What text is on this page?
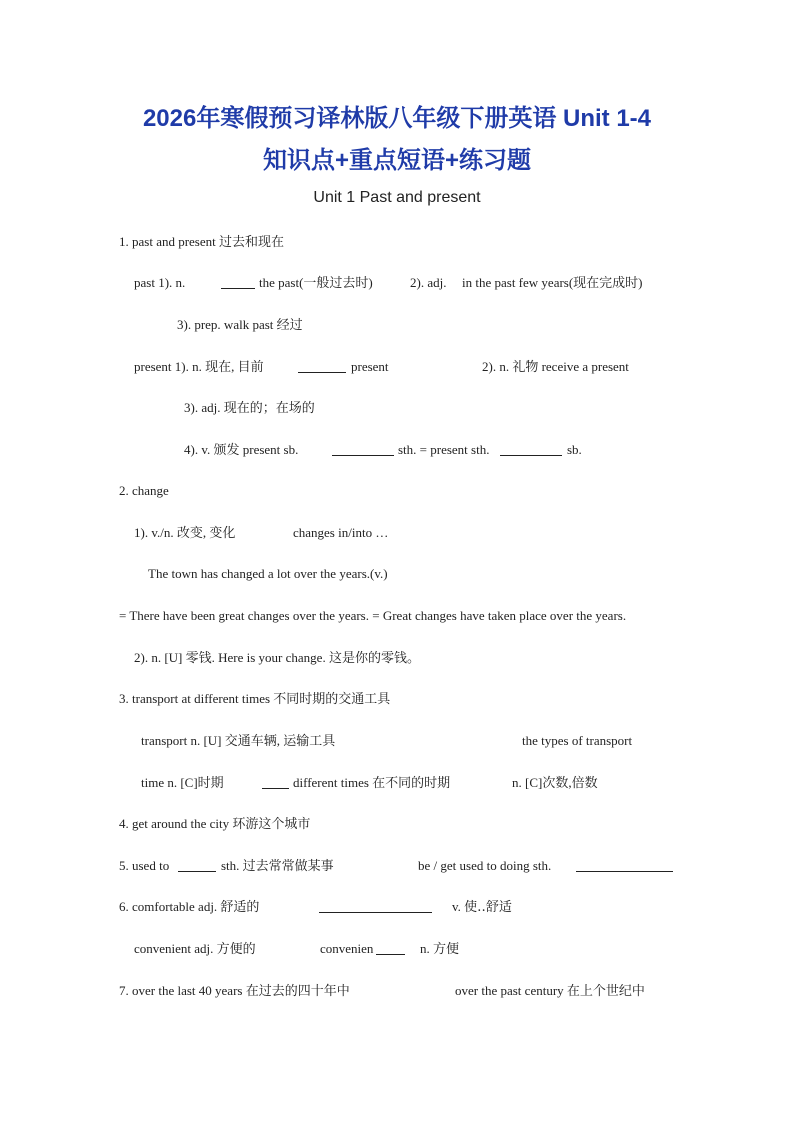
2026年寒假预习译林版八年级下册英语 Unit 1-4
知识点+重点短语+练习题
Unit 1 Past and present
1. past and present 过去和现在
past 1). n.	the past(一般过去时)	2). adj. in the past few years(现在完成时)
3). prep. walk past 经过
present 1). n. 现在, 目前	present	2). n. 礼物 receive a present
3). adj. 现在的；在场的
4). v. 颁发 present sb.	sth. = present sth.	sb.
2. change
1). v./n. 改变, 变化	changes in/into …
The town has changed a lot over the years.(v.)
= There have been great changes over the years. = Great changes have taken place over the years.
2). n. [U] 零钱. Here is your change. 这是你的零钱。
3. transport at different times 不同时期的交通工具
transport n. [U] 交通车辆, 运输工具	the types of transport
time n. [C]时期	different times 在不同的时期	n. [C]次数,倍数
4. get around the city 环游这个城市
5. used to	sth. 过去常常做某事	be / get used to doing sth.
6. comfortable adj. 舒适的	v. 使‥舒适
convenient adj. 方便的	convenien	n. 方便
7. over the last 40 years 在过去的四十年中	over the past century 在上个世纪中
